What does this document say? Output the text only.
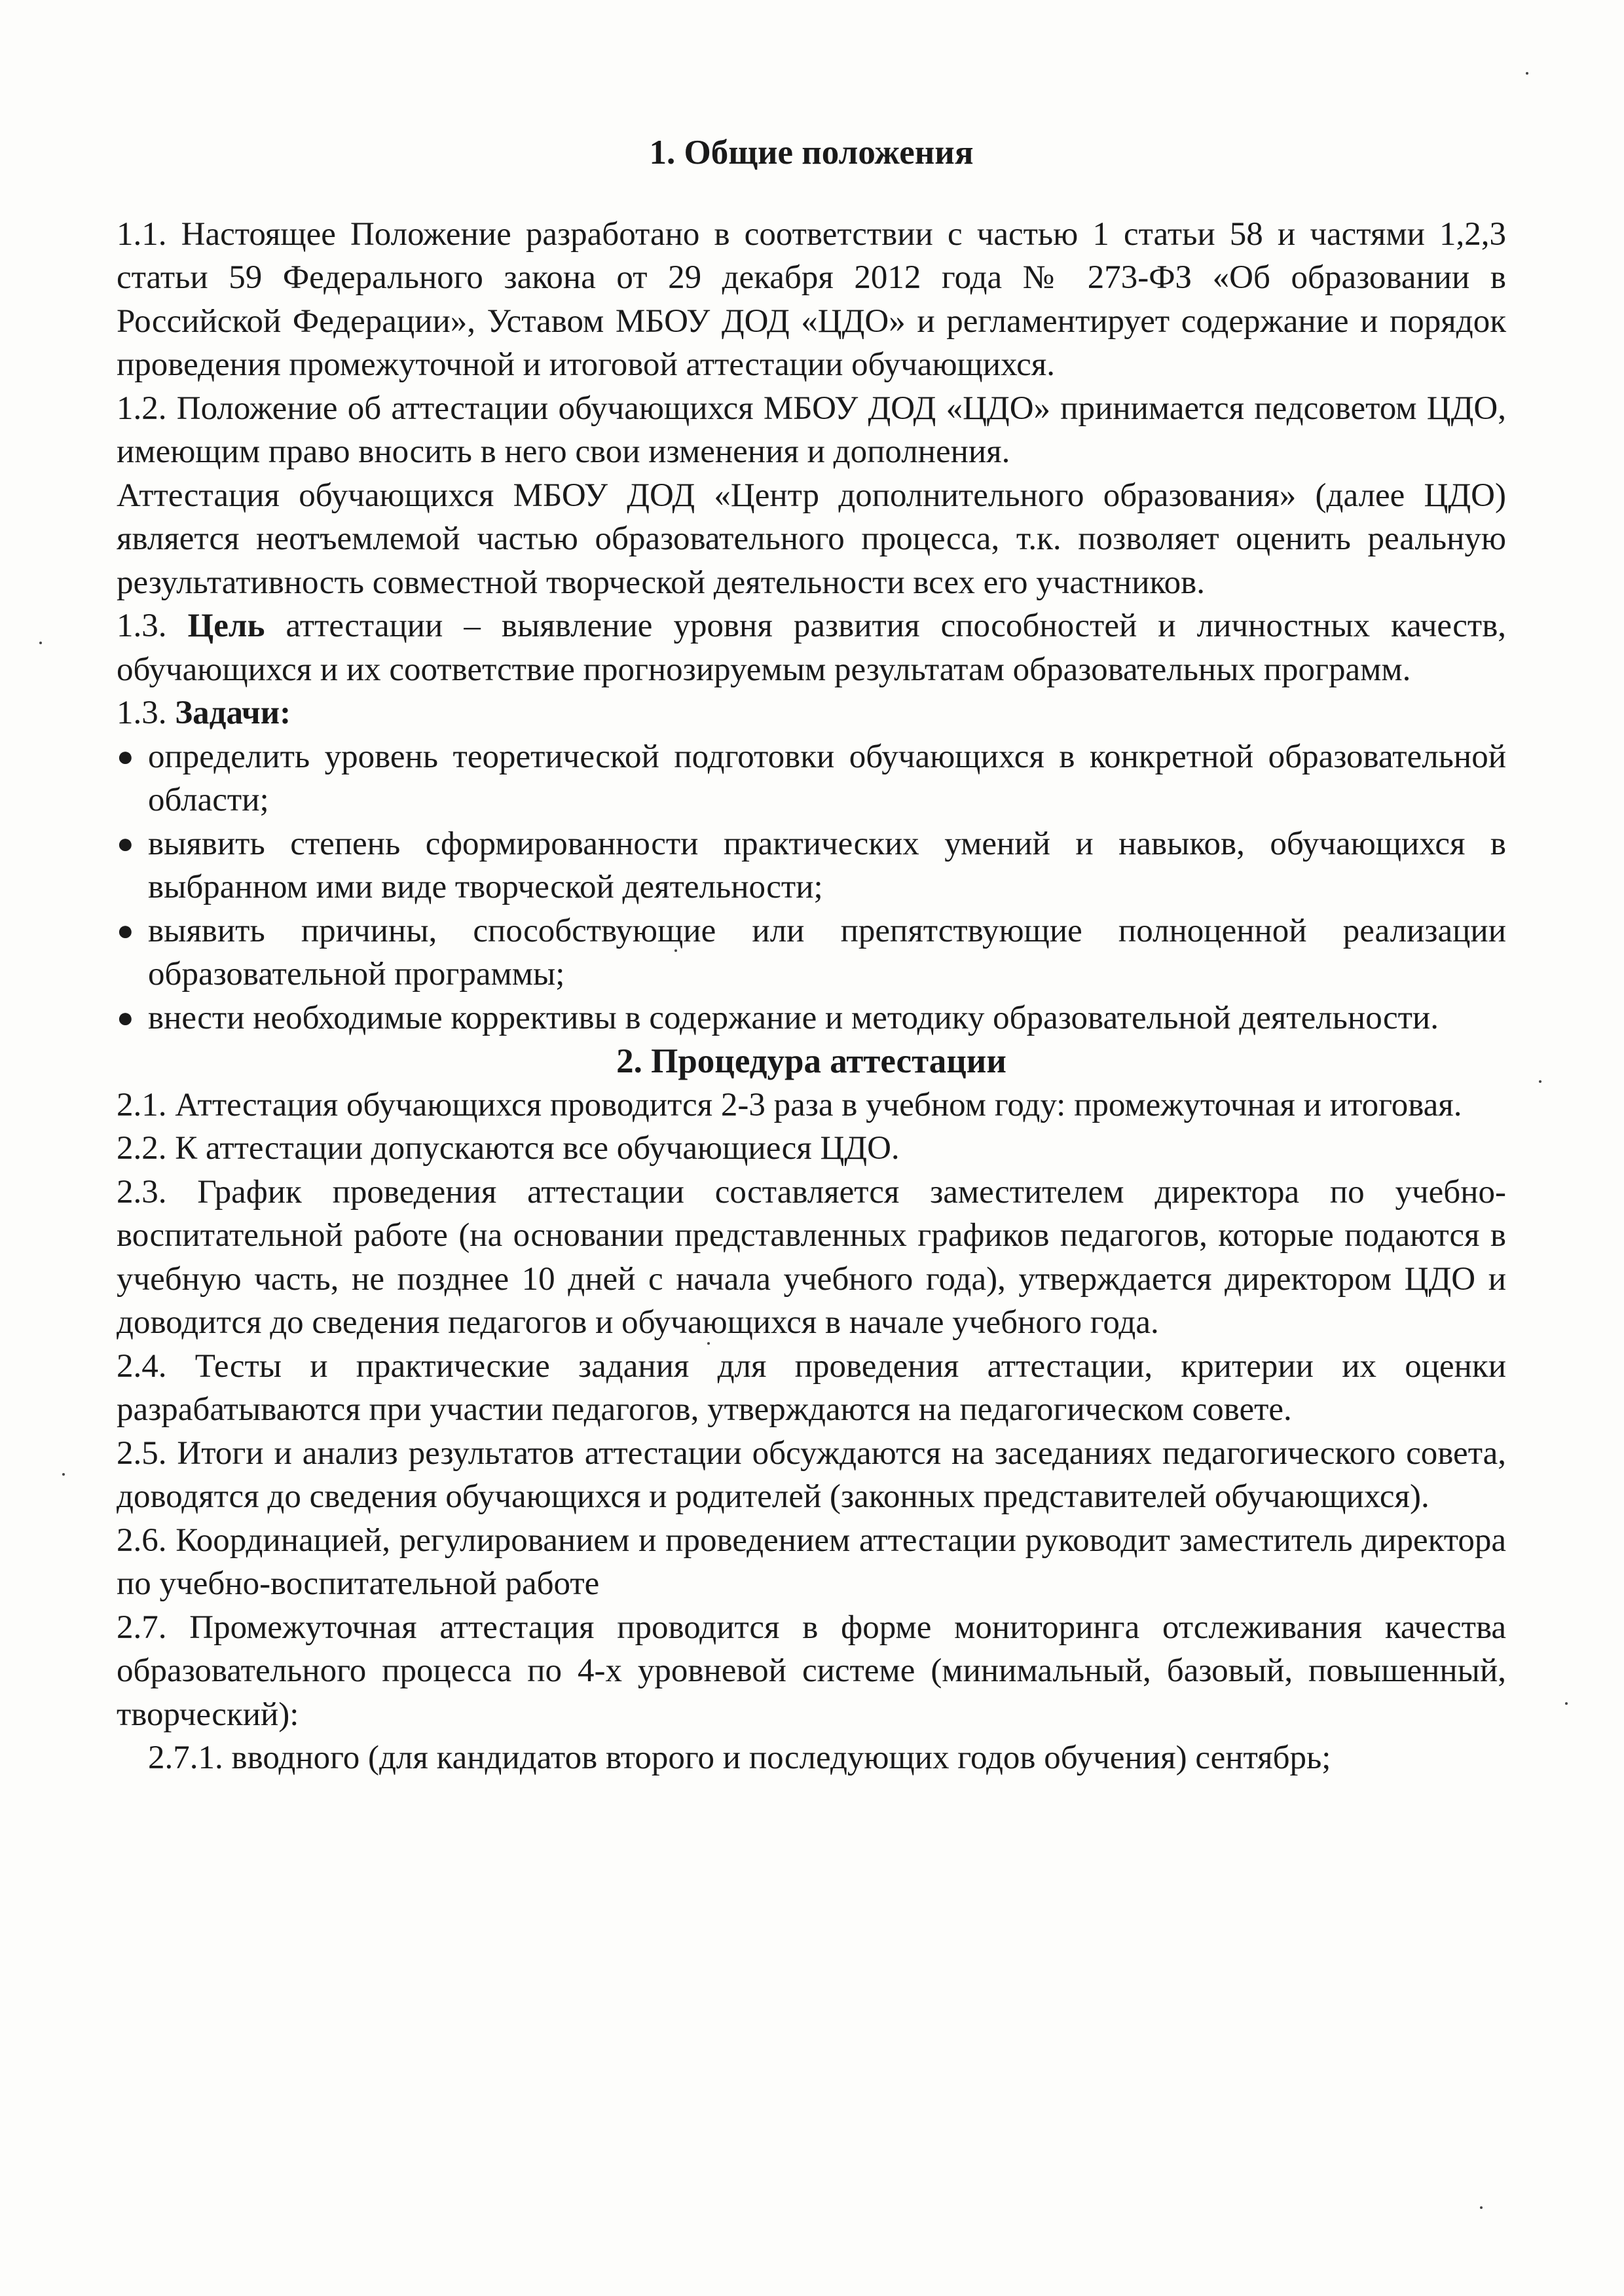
1. Общие положения

1.1. Настоящее Положение разработано в соответствии с частью 1 статьи 58 и частями 1,2,3 статьи 59 Федерального закона от 29 декабря 2012 года № 273-ФЗ «Об образовании в Российской Федерации», Уставом МБОУ ДОД «ЦДО» и регламентирует содержание и порядок проведения промежуточной и итоговой аттестации обучающихся.

1.2. Положение об аттестации обучающихся МБОУ ДОД «ЦДО» принимается педсоветом ЦДО, имеющим право вносить в него свои изменения и дополнения.

Аттестация обучающихся МБОУ ДОД «Центр дополнительного образования» (далее ЦДО) является неотъемлемой частью образовательного процесса, т.к. позволяет оценить реальную результативность совместной творческой деятельности всех его участников.

1.3. Цель аттестации – выявление уровня развития способностей и личностных качеств, обучающихся и их соответствие прогнозируемым результатам образовательных программ.

1.3. Задачи:

● определить уровень теоретической подготовки обучающихся в конкретной образовательной области;
● выявить степень сформированности практических умений и навыков, обучающихся в выбранном ими виде творческой деятельности;
● выявить причины, способствующие или препятствующие полноценной реализации образовательной программы;
● внести необходимые коррективы в содержание и методику образовательной деятельности.
2. Процедура аттестации

2.1. Аттестация обучающихся проводится 2-3 раза в учебном году: промежуточная и итоговая.

2.2. К аттестации допускаются все обучающиеся ЦДО.

2.3. График проведения аттестации составляется заместителем директора по учебно-воспитательной работе (на основании представленных графиков педагогов, которые подаются в учебную часть, не позднее 10 дней с начала учебного года), утверждается директором ЦДО и доводится до сведения педагогов и обучающихся в начале учебного года.

2.4. Тесты и практические задания для проведения аттестации, критерии их оценки разрабатываются при участии педагогов, утверждаются на педагогическом совете.

2.5. Итоги и анализ результатов аттестации обсуждаются на заседаниях педагогического совета, доводятся до сведения обучающихся и родителей (законных представителей обучающихся).

2.6. Координацией, регулированием и проведением аттестации руководит заместитель директора по учебно-воспитательной работе

2.7. Промежуточная аттестация проводится в форме мониторинга отслеживания качества образовательного процесса по 4-х уровневой системе (минимальный, базовый, повышенный, творческий):

2.7.1. вводного (для кандидатов второго и последующих годов обучения) сентябрь;
